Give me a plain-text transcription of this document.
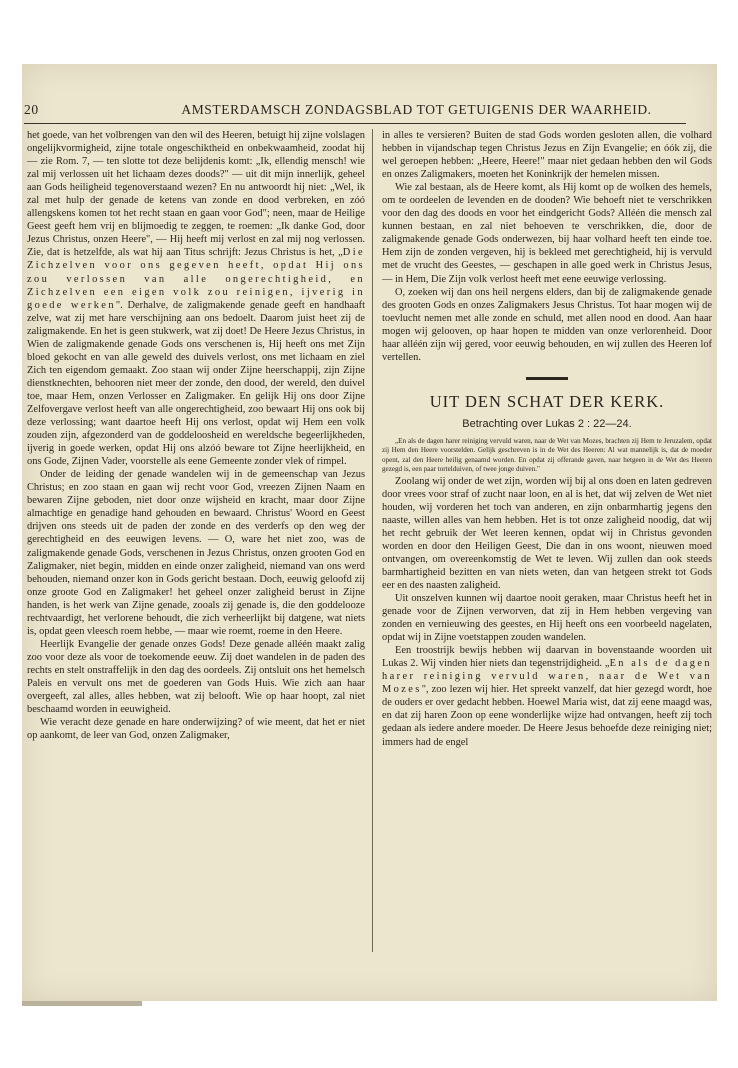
20	AMSTERDAMSCH ZONDAGSBLAD TOT GETUIGENIS DER WAARHEID.

het goede, van het volbrengen van den wil des Heeren, betuigt hij zijne volslagen ongelijkvormigheid, zijne totale ongeschiktheid en onbekwaamheid, zoodat hij — zie Rom. 7, — ten slotte tot deze belijdenis komt: „Ik, ellendig mensch! wie zal mij verlossen uit het lichaam dezes doods?" — uit dit mijn innerlijk, geheel aan Gods heiligheid tegenoverstaand wezen? En nu antwoordt hij niet: „Wel, ik zal met hulp der genade de ketens van zonde en dood verbreken, en zóó allengskens komen tot het recht staan en gaan voor God"; neen, maar de Heilige Geest geeft hem vrij en blijmoedig te zeggen, te roemen: „Ik danke God, door Jezus Christus, onzen Heere", — Hij heeft mij verlost en zal mij nog verlossen. Zie, dat is hetzelfde, als wat hij aan Titus schrijft: Jezus Christus is het, „Die Zichzelven voor ons gegeven heeft, opdat Hij ons zou verlossen van alle ongerechtigheid, en Zichzelven een eigen volk zou reinigen, ijverig in goede werken". Derhalve, de zaligmakende genade geeft en handhaaft zelve, wat zij met hare verschijning aan ons bedoelt. Daarom juist heet zij de zaligmakende. En het is geen stukwerk, wat zij doet! De Heere Jezus Christus, in Wien de zaligmakende genade Gods ons verschenen is, Hij heeft ons met Zijn bloed gekocht en van alle geweld des duivels verlost, ons met lichaam en ziel Zich ten eigendom gemaakt. Zoo staan wij onder Zijne heerschappij, zijn Zijne dienstknechten, behooren niet meer der zonde, den dood, der wereld, den duivel toe, maar Hem, onzen Verlosser en Zaligmaker. En gelijk Hij ons door Zijne Zelfovergave verlost heeft van alle ongerechtigheid, zoo bewaart Hij ons ook bij deze verlossing; want daartoe heeft Hij ons verlost, opdat wij Hem een volk zouden zijn, afgezonderd van de goddeloosheid en wereldsche begeerlijkheden, ijverig in goede werken, opdat Hij ons alzóó beware tot Zijne heerlijkheid, en ons Gode, Zijnen Vader, voorstelle als eene Gemeente zonder vlek of rimpel.

Onder de leiding der genade wandelen wij in de gemeenschap van Jezus Christus; en zoo staan en gaan wij recht voor God, vreezen Zijnen Naam en bewaren Zijne geboden, niet door onze wijsheid en kracht, maar door Zijne almachtige en genadige hand gehouden en bewaard. Christus' Woord en Geest drijven ons steeds uit de paden der zonde en des verderfs op den weg der gerechtigheid en des eeuwigen levens. — O, ware het niet zoo, was de zaligmakende genade Gods, verschenen in Jezus Christus, onzen grooten God en Zaligmaker, niet begin, midden en einde onzer zaligheid, niemand van ons werd behouden, niemand onzer kon in Gods gericht bestaan. Doch, eeuwig geloofd zij onze groote God en Zaligmaker! het geheel onzer zaligheid berust in Zijne handen, is het werk van Zijne genade, zooals zij genade is, die den goddelooze rechtvaardigt, het verlorene behoudt, die zich verheerlijkt bij datgene, wat niets is, opdat geen vleesch roem hebbe, — maar wie roemt, roeme in den Heere.

Heerlijk Evangelie der genade onzes Gods! Deze genade alléén maakt zalig zoo voor deze als voor de toekomende eeuw. Zij doet wandelen in de paden des rechts en stelt onstraffelijk in den dag des oordeels. Zij ontsluit ons het hemelsch Paleis en vervult ons met de goederen van Gods Huis. Wie zich aan haar overgeeft, zal alles, alles hebben, wat zij belooft. Wie op haar hoopt, zal niet beschaamd worden in eeuwigheid.

Wie veracht deze genade en hare onderwijzing? of wie meent, dat het er niet op aankomt, de leer van God, onzen Zaligmaker,

in alles te versieren? Buiten de stad Gods worden gesloten allen, die volhard hebben in vijandschap tegen Christus Jezus en Zijn Evangelie; en óók zij, die wel geroepen hebben: „Heere, Heere!" maar niet gedaan hebben den wil Gods en onzes Zaligmakers, moeten het Koninkrijk der hemelen missen.

Wie zal bestaan, als de Heere komt, als Hij komt op de wolken des hemels, om te oordeelen de levenden en de dooden? Wie behoeft niet te verschrikken voor den dag des doods en voor het eindgericht Gods? Alléén die mensch zal kunnen bestaan, en zal niet behoeven te verschrikken, die, door de zaligmakende genade Gods onderwezen, bij haar volhard heeft ten einde toe. Hem zijn de zonden vergeven, hij is bekleed met gerechtigheid, hij is vervuld met de vrucht des Geestes, — geschapen in alle goed werk in Christus Jesus, — in Hem, Die Zijn volk verlost heeft met eene eeuwige verlossing.

O, zoeken wij dan ons heil nergens elders, dan bij de zaligmakende genade des grooten Gods en onzes Zaligmakers Jesus Christus. Tot haar mogen wij de toevlucht nemen met alle zonde en schuld, met allen nood en dood. Aan haar mogen wij gelooven, op haar hopen te midden van onze verlorenheid. Door haar alléén zijn wij gered, voor eeuwig behouden, en wij zullen des Heeren lof vertellen.

UIT DEN SCHAT DER KERK.
Betrachting over Lukas 2 : 22—24.

„En als de dagen harer reiniging vervuld waren, naar de Wet van Mozes, brachten zij Hem te Jeruzalem, opdat zij Hem den Heere voorstelden. Gelijk geschreven is in de Wet des Heeren: Al wat mannelijk is, dat de moeder opent, zal den Heere heilig genaamd worden. En opdat zij offerande gaven, naar hetgeen in de Wet des Heeren gezegd is, een paar tortelduiven, of twee jonge duiven."

Zoolang wij onder de wet zijn, worden wij bij al ons doen en laten gedreven door vrees voor straf of zucht naar loon, en al is het, dat wij zelven de Wet niet houden, wij vorderen het toch van anderen, en zijn onbarmhartig jegens den naaste, willen alles van hem hebben. Het is tot onze zaligheid noodig, dat wij het recht gebruik der Wet leeren kennen, opdat wij in Christus gevonden worden en door den Heiligen Geest, Die dan in ons woont, nieuwen moed ontvangen, om overeenkomstig de Wet te leven. Wij zullen dan ook steeds barmhartigheid bezitten en van niets weten, dan van hetgeen strekt tot Gods eer en des naasten zaligheid.

Uit onszelven kunnen wij daartoe nooit geraken, maar Christus heeft het in genade voor de Zijnen verworven, dat zij in Hem hebben vergeving van zonden en vernieuwing des geestes, en Hij heeft ons een voorbeeld nagelaten, opdat wij in Zijne voetstappen zouden wandelen.

Een troostrijk bewijs hebben wij daarvan in bovenstaande woorden uit Lukas 2. Wij vinden hier niets dan tegenstrijdigheid. „En als de dagen harer reiniging vervuld waren, naar de Wet van Mozes", zoo lezen wij hier. Het spreekt vanzelf, dat hier gezegd wordt, hoe de ouders er over gedacht hebben. Hoewel Maria wist, dat zij eene maagd was, en dat zij haren Zoon op eene wonderlijke wijze had ontvangen, heeft zij toch gedaan als iedere andere moeder. De Heere Jesus behoefde deze reiniging niet; immers had de engel
